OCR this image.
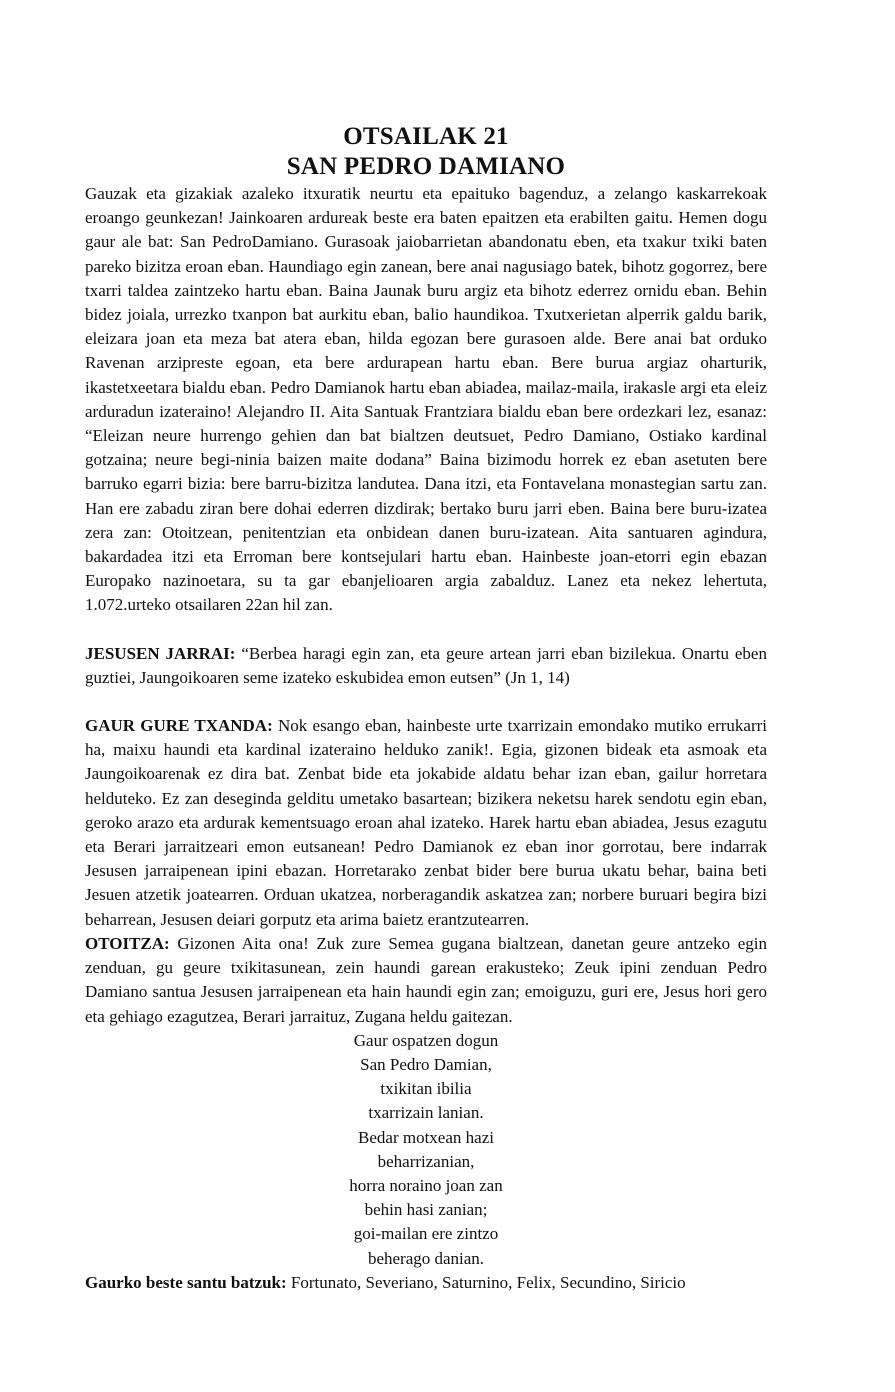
OTSAILAK 21
SAN PEDRO DAMIANO

Gauzak eta gizakiak azaleko itxuratik neurtu eta epaituko bagenduz, a zelango kaskarrekoak eroango geunkezan! Jainkoaren ardureak beste era baten epaitzen eta erabilten gaitu. Hemen dogu gaur ale bat: San PedroDamiano. Gurasoak jaiobarrietan abandonatu eben, eta txakur txiki baten pareko bizitza eroan eban. Haundiago egin zanean, bere anai nagusiago batek, bihotz gogorrez, bere txarri taldea zaintzeko hartu eban. Baina Jaunak buru argiz eta bihotz ederrez ornidu eban. Behin bidez joiala, urrezko txanpon bat aurkitu eban, balio haundikoa. Txutxerietan alperrik galdu barik, eleizara joan eta meza bat atera eban, hilda egozan bere gurasoen alde. Bere anai bat orduko Ravenan arzipreste egoan, eta bere ardurapean hartu eban. Bere burua argiaz oharturik, ikastetxeetara bialdu eban. Pedro Damianok hartu eban abiadea, mailaz-maila, irakasle argi eta eleiz arduradun izateraino! Alejandro II. Aita Santuak Frantziara bialdu eban bere ordezkari lez, esanaz: “Eleizan neure hurrengo gehien dan bat bialtzen deutsuet, Pedro Damiano, Ostiako kardinal gotzaina; neure begi-ninia baizen maite dodana” Baina bizimodu horrek ez eban asetuten bere barruko egarri bizia: bere barru-bizitza landutea. Dana itzi, eta Fontavelana monastegian sartu zan. Han ere zabadu ziran bere dohai ederren dizdirak; bertako buru jarri eben. Baina bere buru-izatea zera zan: Otoitzean, penitentzian eta onbidean danen buru-izatean. Aita santuaren agindura, bakardadea itzi eta Erroman bere kontsejulari hartu eban. Hainbeste joan-etorri egin ebazan Europako nazinoetara, su ta gar ebanjelioaren argia zabalduz. Lanez eta nekez lehertuta, 1.072.urteko otsailaren 22an hil zan.

JESUSEN JARRAI: “Berbea haragi egin zan, eta geure artean jarri eban bizilekua. Onartu eben guztiei, Jaungoikoaren seme izateko eskubidea emon eutsen” (Jn 1, 14)

GAUR GURE TXANDA: Nok esango eban, hainbeste urte txarrizain emondako mutiko errukarri ha, maixu haundi eta kardinal izateraino helduko zanik!. Egia, gizonen bideak eta asmoak eta Jaungoikoarenak ez dira bat. Zenbat bide eta jokabide aldatu behar izan eban, gailur horretara helduteko. Ez zan deseginda gelditu umetako basartean; bizikera neketsu harek sendotu egin eban, geroko arazo eta ardurak kementsuago eroan ahal izateko. Harek hartu eban abiadea, Jesus ezagutu eta Berari jarraitzeari emon eutsanean! Pedro Damianok ez eban inor gorrotau, bere indarrak Jesusen jarraipenean ipini ebazan. Horretarako zenbat bider bere burua ukatu behar, baina beti Jesuen atzetik joatearren. Orduan ukatzea, norberagandik askatzea zan; norbere buruari begira bizi beharrean, Jesusen deiari gorputz eta arima baietz erantzutearren.

OTOITZA: Gizonen Aita ona! Zuk zure Semea gugana bialtzean, danetan geure antzeko egin zenduan, gu geure txikitasunean, zein haundi garean erakusteko; Zeuk ipini zenduan Pedro Damiano santua Jesusen jarraipenean eta hain haundi egin zan; emoiguzu, guri ere, Jesus hori gero eta gehiago ezagutzea, Berari jarraituz, Zugana heldu gaitezan.

Gaur ospatzen dogun
San Pedro Damian,
txikitan ibilia
txarrizain lanian.
Bedar motxean hazi
beharrizanian,
horra noraino joan zan
behin hasi zanian;
goi-mailan ere zintzo
beherago danian.

Gaurko beste santu batzuk: Fortunato, Severiano, Saturnino, Felix, Secundino, Siricio
